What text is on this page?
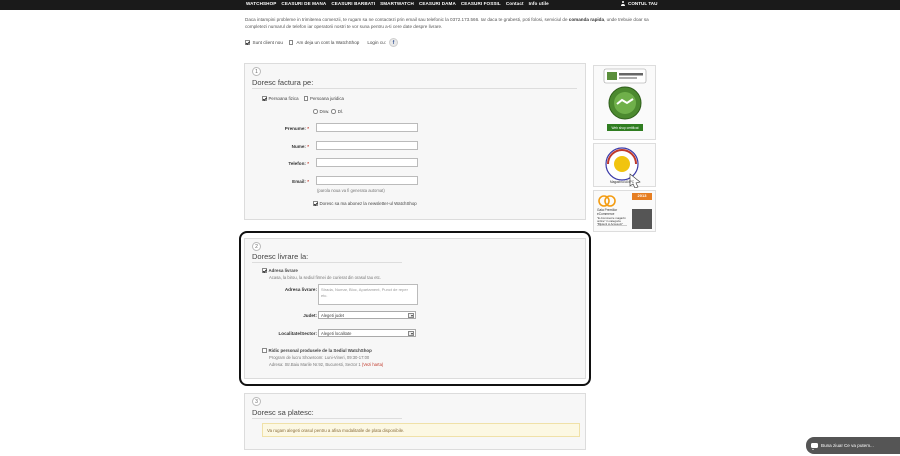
WATCHSHOP CEASURI DE MANA CEASURI BARBATI SMARTWATCH CEASURI DAMA CEASURI FOSSIL Contact Info utile	CONTUL TAU
Daca intampini probleme in trimiterea comenzii, te rugam sa ne contactezi prin email sau telefonic la 0372.173.566. Iar daca te grabesti, poti folosi, serviciul de comanda rapida, unde trebuie doar sa completezi numarul de telefon iar operatorii nostri te vor suna pentru a-ti cere date despre livrare.
Sunt client nou	Am deja un cont la WatchShop Login cu:	f
1
Doresc factura pe:
Persoana fizica	Persoana juridica
Dnw. Dl.
Prenume: *
Nume: *
Telefon: *
Email: *
(parola noua va fi generata automat)
Doresc sa ma abonez la newsletter-ul WatchShop
2
Doresc livrare la:
Adresa livrare
Acasa, la birou, la sediul firmei de curierat din orasul tau etc.
Adresa livrare:	Strada, Numar, Bloc, Apartament, Punct de reper etc.
Judet: Alegeti judet
Localitate/Sector: Alegeti localitate
Ridic personal produsele de la Sediul WatchShop
Program de lucru Showroom: Luni-Vineri, 09:30-17:00
Adresa: Str.Baiu Marile Nr.92, Bucuresti, Sector 1 (Vezi harta)
3
Doresc sa platesc:
Va rugam alegeti orasul pentru a afisa modalitatile de plata disponibile.
Web shop certificat
Magazinul ANPC
2013
Gala Premiilor
eCommerce
"E-Commerce magazin online" in categoria "Bijuterii si Accesorii"
Buna ziua! Ce va putem...
